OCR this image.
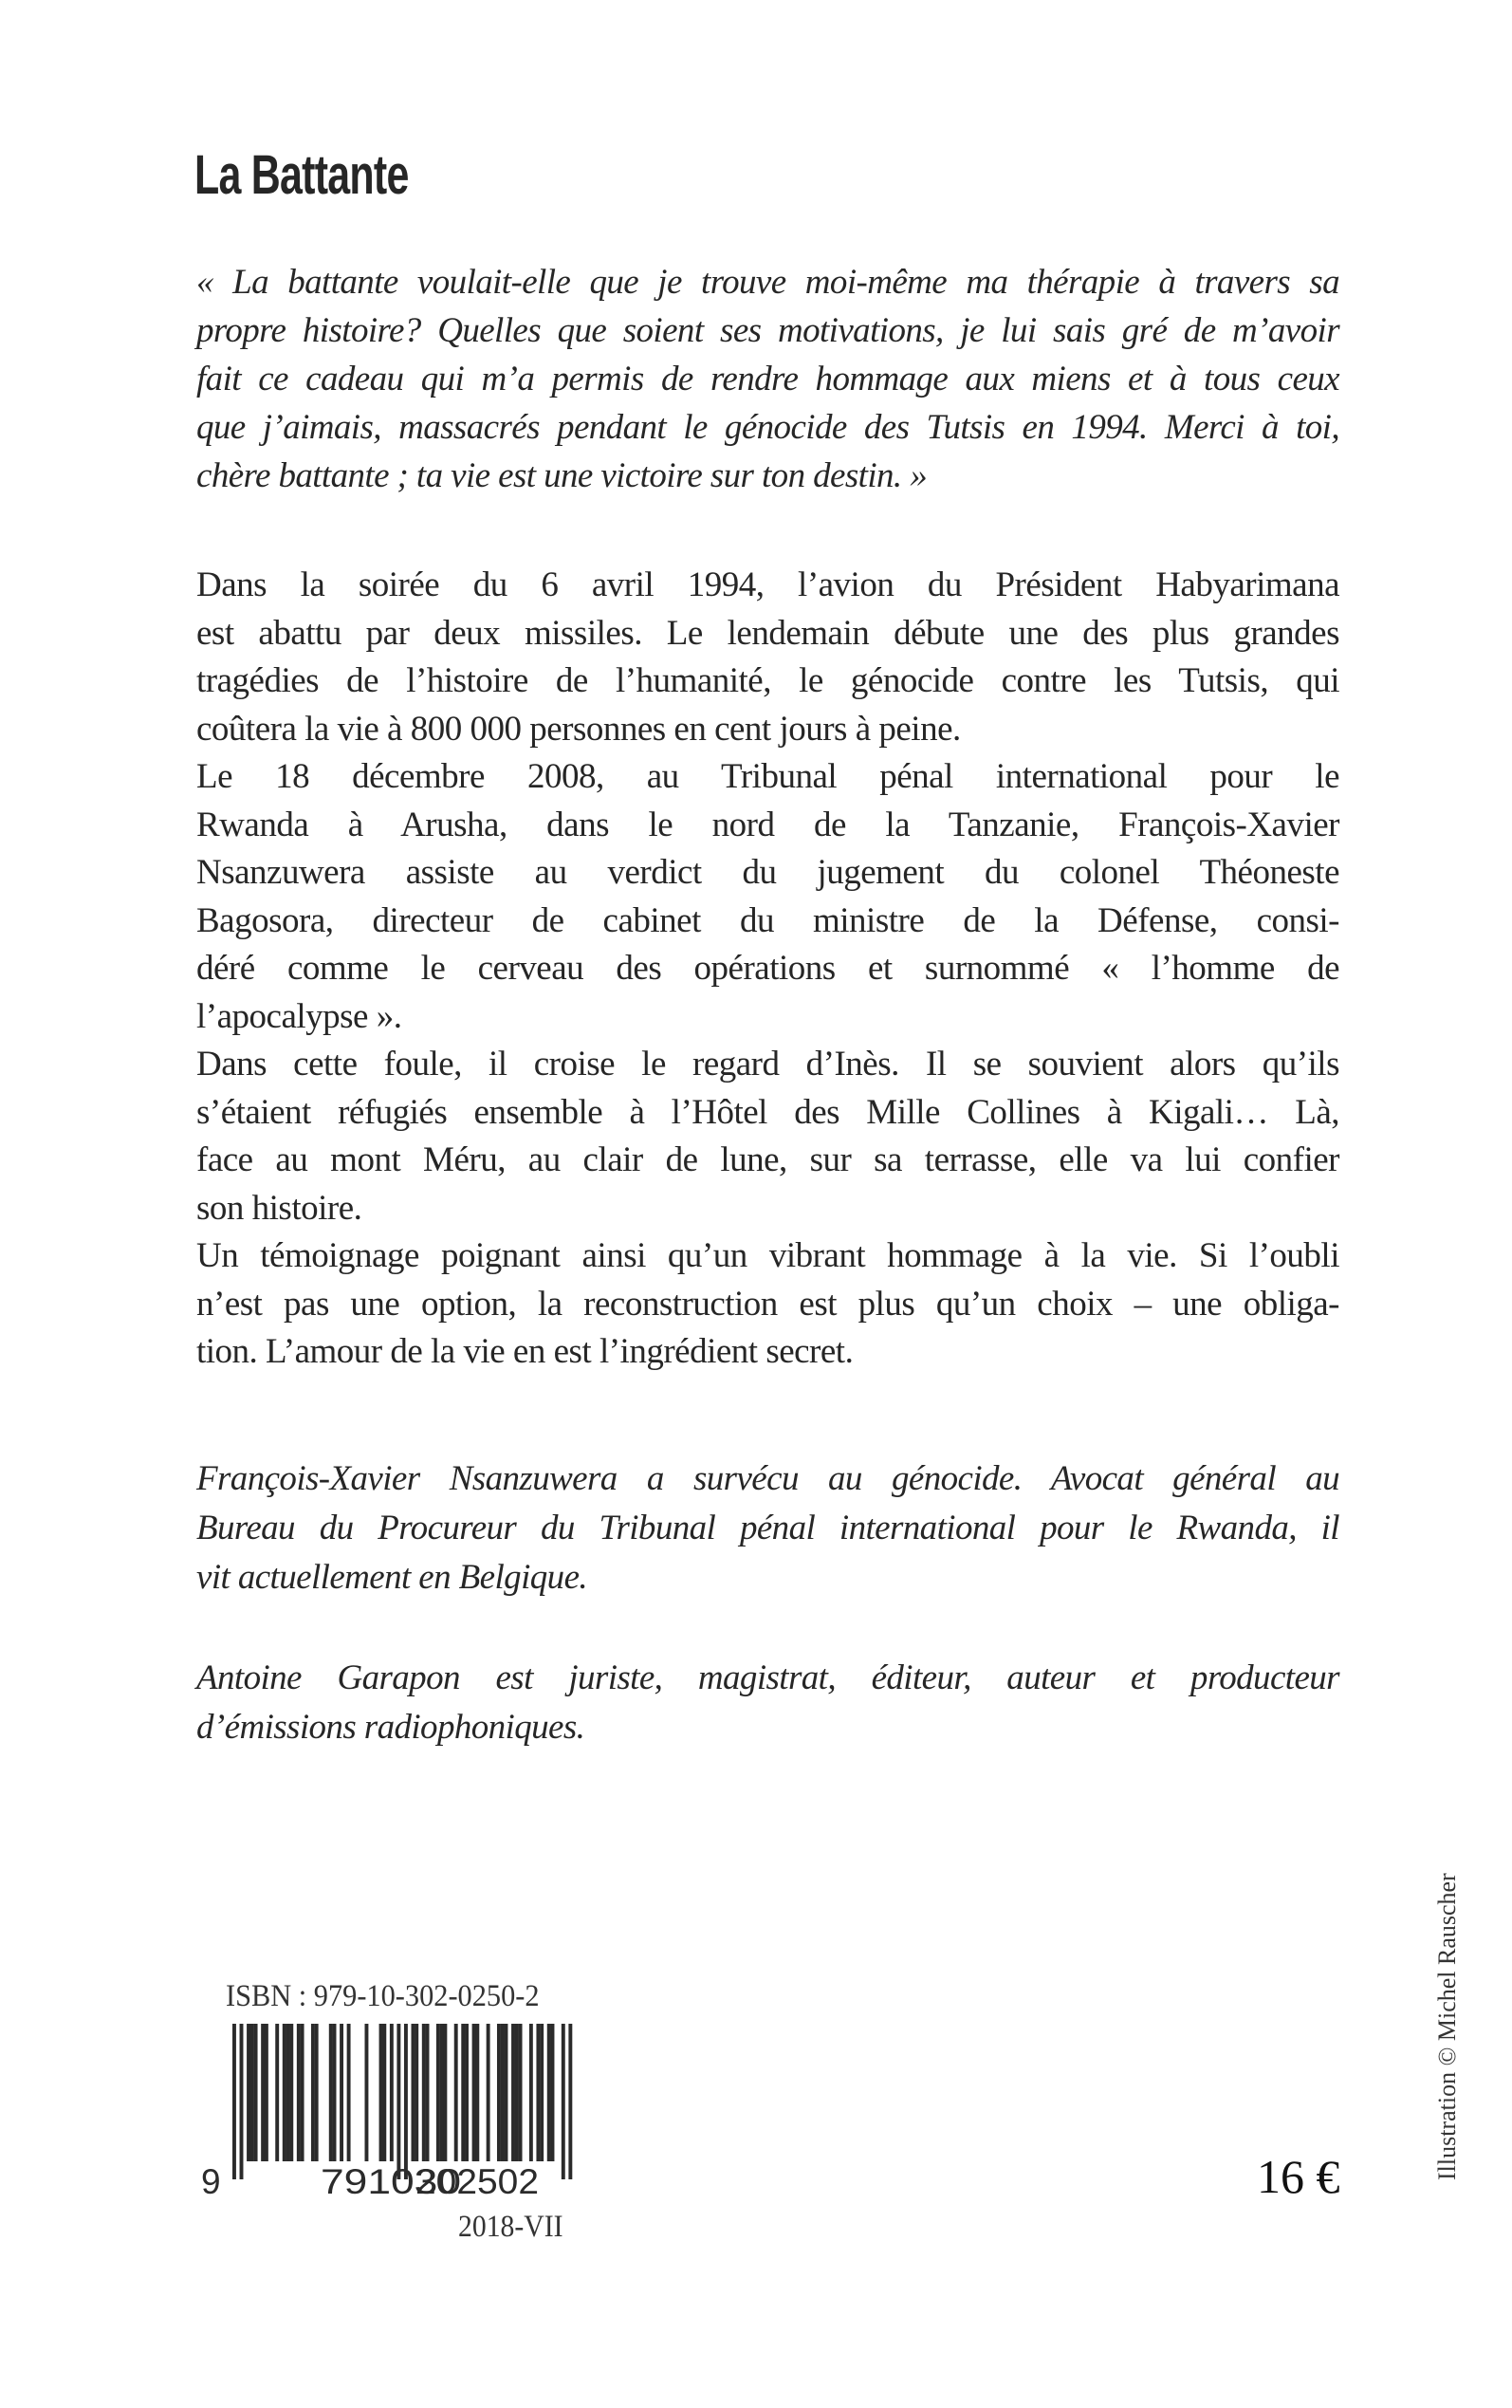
La Battante
« La battante voulait-elle que je trouve moi-même ma thérapie à travers sa
propre histoire? Quelles que soient ses motivations, je lui sais gré de m’avoir
fait ce cadeau qui m’a permis de rendre hommage aux miens et à tous ceux
que j’aimais, massacrés pendant le génocide des Tutsis en 1994. Merci à toi,
chère battante ; ta vie est une victoire sur ton destin. »
Dans la soirée du 6 avril 1994, l’avion du Président Habyarimana
est abattu par deux missiles. Le lendemain débute une des plus grandes
tragédies de l’histoire de l’humanité, le génocide contre les Tutsis, qui
coûtera la vie à 800 000 personnes en cent jours à peine.
Le 18 décembre 2008, au Tribunal pénal international pour le
Rwanda à Arusha, dans le nord de la Tanzanie, François-Xavier
Nsanzuwera assiste au verdict du jugement du colonel Théoneste
Bagosora, directeur de cabinet du ministre de la Défense, consi-
déré comme le cerveau des opérations et surnommé « l’homme de
l’apocalypse ».
Dans cette foule, il croise le regard d’Inès. Il se souvient alors qu’ils
s’étaient réfugiés ensemble à l’Hôtel des Mille Collines à Kigali… Là,
face au mont Méru, au clair de lune, sur sa terrasse, elle va lui confier
son histoire.
Un témoignage poignant ainsi qu’un vibrant hommage à la vie. Si l’oubli
n’est pas une option, la reconstruction est plus qu’un choix – une obliga-
tion. L’amour de la vie en est l’ingrédient secret.
François-Xavier Nsanzuwera a survécu au génocide. Avocat général au
Bureau du Procureur du Tribunal pénal international pour le Rwanda, il
vit actuellement en Belgique.
Antoine Garapon est juriste, magistrat, éditeur, auteur et producteur
d’émissions radiophoniques.
ISBN : 979-10-302-0250-2
9	791030
202502
2018-VII
16 €	Illustration © Michel Rauscher
